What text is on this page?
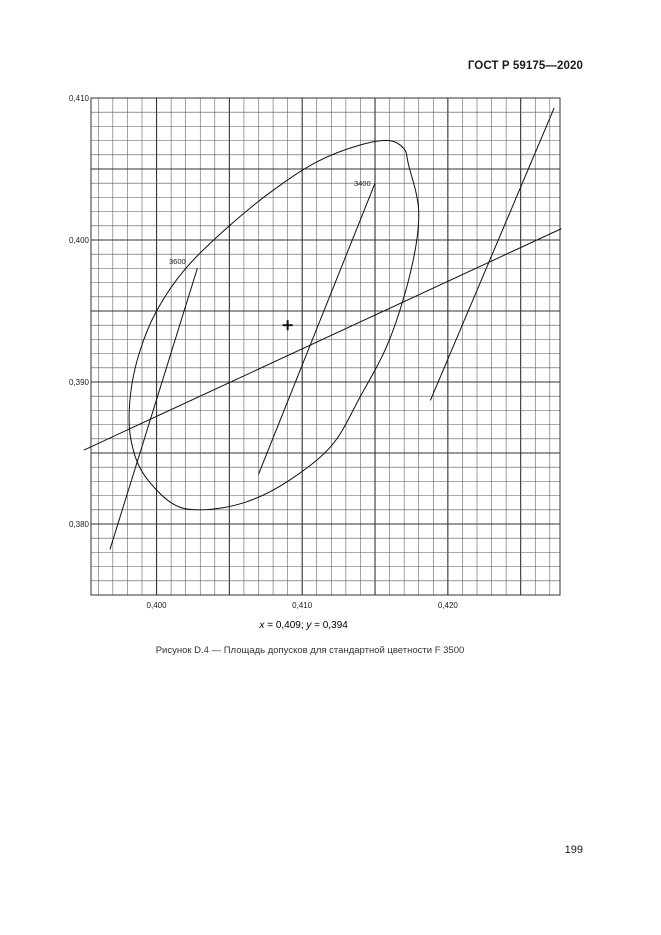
ГОСТ Р 59175—2020
0,410
0,400
0,390
0,380
0,400	0,410	0,420
3600
3400
x = 0,409; y = 0,394
Рисунок D.4 — Площадь допусков для стандартной цветности F 3500
199
